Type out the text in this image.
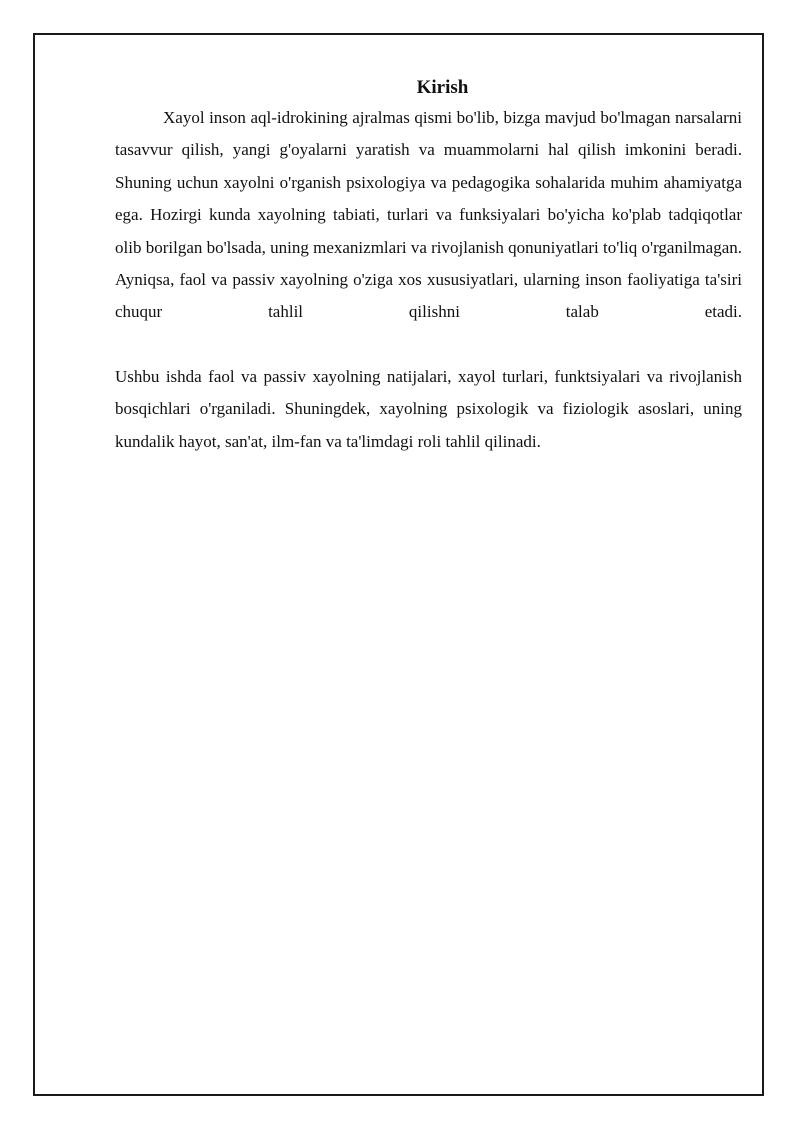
Kirish

Xayol inson aql-idrokining ajralmas qismi bo'lib, bizga mavjud bo'lmagan narsalarni tasavvur qilish, yangi g'oyalarni yaratish va muammolarni hal qilish imkonini beradi. Shuning uchun xayolni o'rganish psixologiya va pedagogika sohalarida muhim ahamiyatga ega. Hozirgi kunda xayolning tabiati, turlari va funksiyalari bo'yicha ko'plab tadqiqotlar olib borilgan bo'lsada, uning mexanizmlari va rivojlanish qonuniyatlari to'liq o'rganilmagan. Ayniqsa, faol va passiv xayolning o'ziga xos xususiyatlari, ularning inson faoliyatiga ta'siri chuqur tahlil qilishni talab etadi.

Ushbu ishda faol va passiv xayolning natijalari, xayol turlari, funktsiyalari va rivojlanish bosqichlari o'rganiladi. Shuningdek, xayolning psixologik va fiziologik asoslari, uning kundalik hayot, san'at, ilm-fan va ta'limdagi roli tahlil qilinadi.
